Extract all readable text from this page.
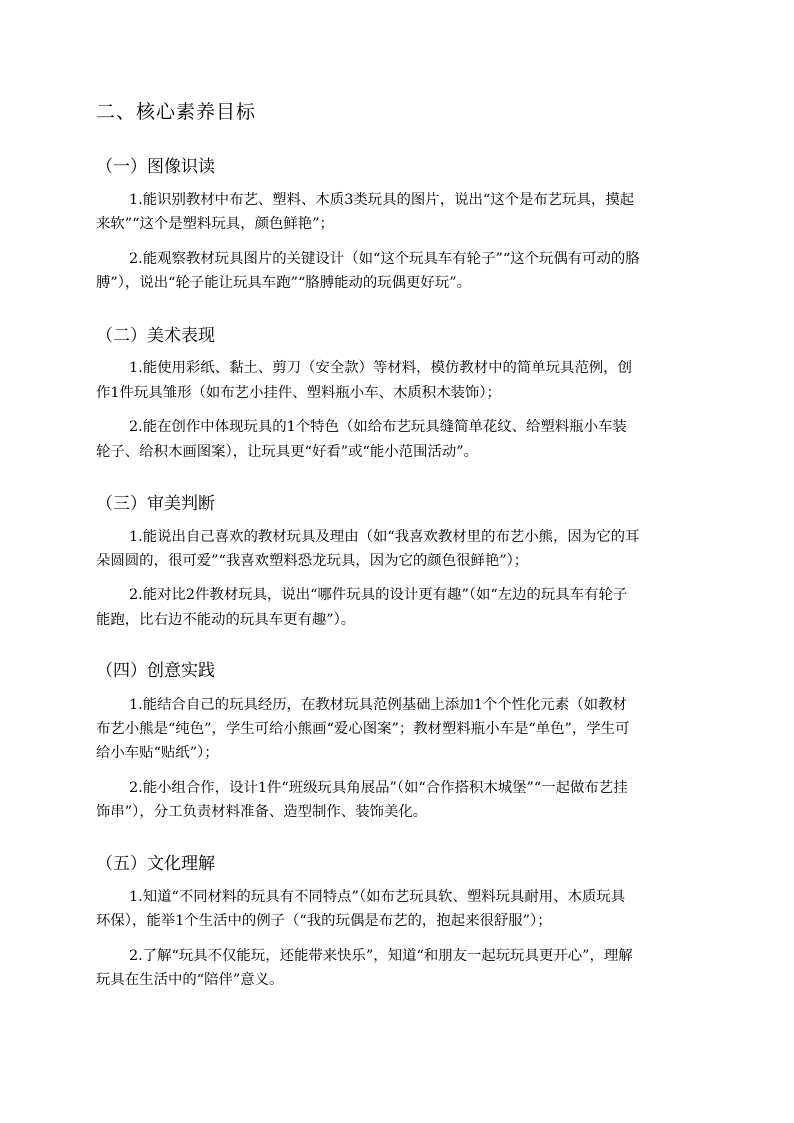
二、核心素养目标
（一）图像识读

1.能识别教材中布艺、塑料、木质3类玩具的图片，说出“这个是布艺玩具，摸起

来软”“这个是塑料玩具，颜色鲜艳”；

2.能观察教材玩具图片的关键设计（如“这个玩具车有轮子”“这个玩偶有可动的胳

膊”），说出“轮子能让玩具车跑”“胳膊能动的玩偶更好玩”。

（二）美术表现

1.能使用彩纸、黏土、剪刀（安全款）等材料，模仿教材中的简单玩具范例，创

作1件玩具雏形（如布艺小挂件、塑料瓶小车、木质积木装饰）；

2.能在创作中体现玩具的1个特色（如给布艺玩具缝简单花纹、给塑料瓶小车装

轮子、给积木画图案），让玩具更“好看”或“能小范围活动”。

（三）审美判断

1.能说出自己喜欢的教材玩具及理由（如“我喜欢教材里的布艺小熊，因为它的耳

朵圆圆的，很可爱”“我喜欢塑料恐龙玩具，因为它的颜色很鲜艳”）；

2.能对比2件教材玩具，说出“哪件玩具的设计更有趣”（如“左边的玩具车有轮子

能跑，比右边不能动的玩具车更有趣”）。

（四）创意实践

1.能结合自己的玩具经历，在教材玩具范例基础上添加1个个性化元素（如教材

布艺小熊是“纯色”，学生可给小熊画“爱心图案”；教材塑料瓶小车是“单色”，学生可

给小车贴“贴纸”）；

2.能小组合作，设计1件“班级玩具角展品”（如“合作搭积木城堡”“一起做布艺挂

饰串”），分工负责材料准备、造型制作、装饰美化。

（五）文化理解

1.知道“不同材料的玩具有不同特点”（如布艺玩具软、塑料玩具耐用、木质玩具

环保），能举1个生活中的例子（“我的玩偶是布艺的，抱起来很舒服”）；

2.了解“玩具不仅能玩，还能带来快乐”，知道“和朋友一起玩玩具更开心”，理解

玩具在生活中的“陪伴”意义。
